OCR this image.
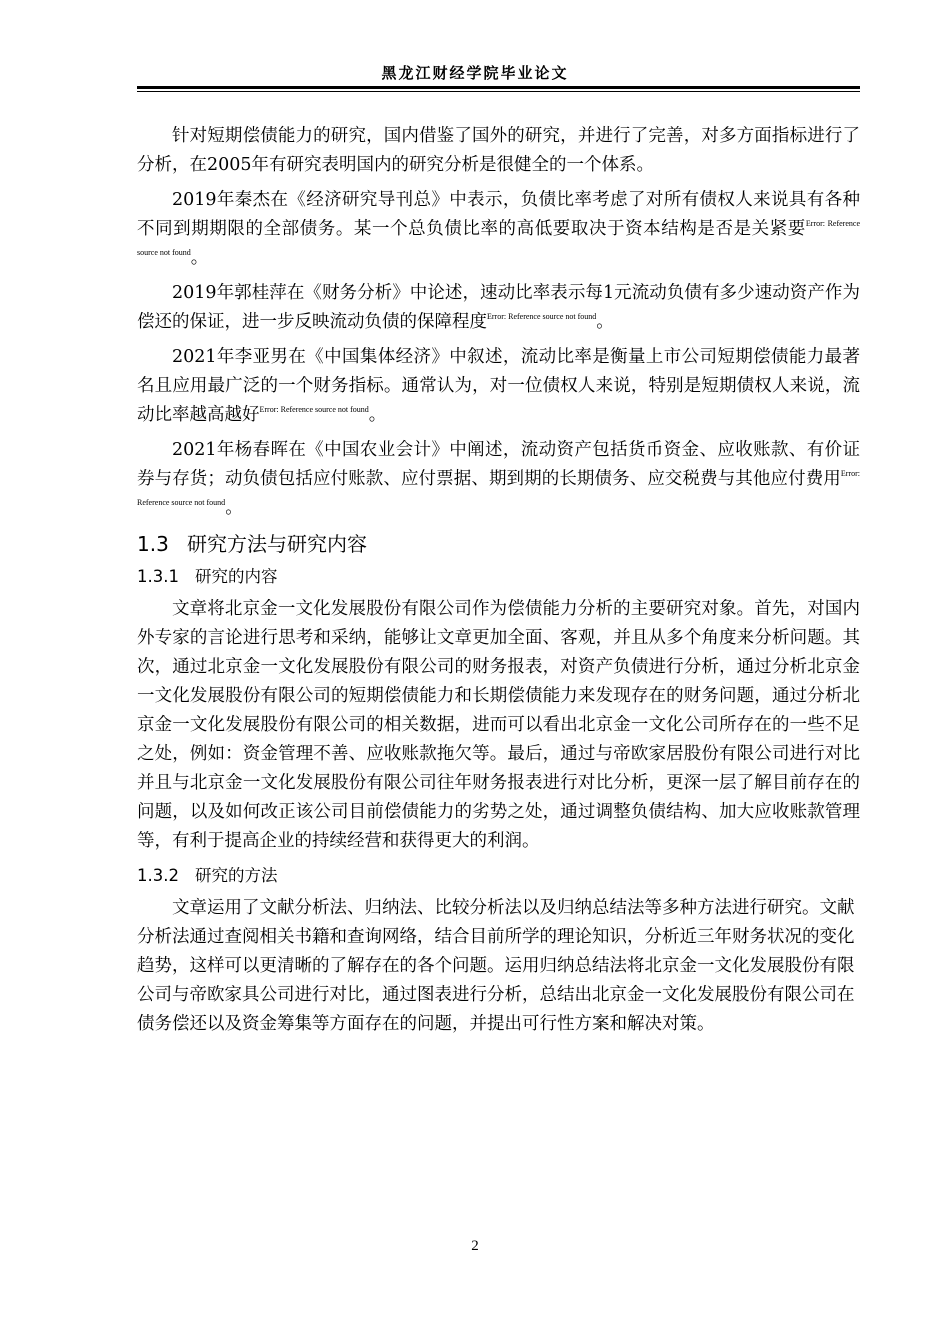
黑龙江财经学院毕业论文

针对短期偿债能力的研究，国内借鉴了国外的研究，并进行了完善，对多方面指标进行了分析，在2005年有研究表明国内的研究分析是很健全的一个体系。

2019年秦杰在《经济研究导刊总》中表示，负债比率考虑了对所有债权人来说具有各种不同到期期限的全部债务。某一个总负债比率的高低要取决于资本结构是否是关紧要$^{Error: Reference source not found}$。

2019年郭桂萍在《财务分析》中论述，速动比率表示每1元流动负债有多少速动资产作为偿还的保证，进一步反映流动负债的保障程度$^{Error: Reference source not found}$。

2021年李亚男在《中国集体经济》中叙述，流动比率是衡量上市公司短期偿债能力最著名且应用最广泛的一个财务指标。通常认为，对一位债权人来说，特别是短期债权人来说，流动比率越高越好$^{Error: Reference source not found}$。

2021年杨春晖在《中国农业会计》中阐述，流动资产包括货币资金、应收账款、有价证券与存货；动负债包括应付账款、应付票据、期到期的长期债务、应交税费与其他应付费用$^{Error: Reference source not found}$。

1.3 研究方法与研究内容
1.3.1 研究的内容

文章将北京金一文化发展股份有限公司作为偿债能力分析的主要研究对象。首先，对国内外专家的言论进行思考和采纳，能够让文章更加全面、客观，并且从多个角度来分析问题。其次，通过北京金一文化发展股份有限公司的财务报表，对资产负债进行分析，通过分析北京金一文化发展股份有限公司的短期偿债能力和长期偿债能力来发现存在的财务问题，通过分析北京金一文化发展股份有限公司的相关数据，进而可以看出北京金一文化公司所存在的一些不足之处，例如：资金管理不善、应收账款拖欠等。最后，通过与帝欧家居股份有限公司进行对比并且与北京金一文化发展股份有限公司往年财务报表进行对比分析，更深一层了解目前存在的问题，以及如何改正该公司目前偿债能力的劣势之处，通过调整负债结构、加大应收账款管理等，有利于提高企业的持续经营和获得更大的利润。

1.3.2 研究的方法

文章运用了文献分析法、归纳法、比较分析法以及归纳总结法等多种方法进行研究。文献分析法通过查阅相关书籍和查询网络，结合目前所学的理论知识，分析近三年财务状况的变化趋势，这样可以更清晰的了解存在的各个问题。运用归纳总结法将北京金一文化发展股份有限公司与帝欧家具公司进行对比，通过图表进行分析，总结出北京金一文化发展股份有限公司在债务偿还以及资金筹集等方面存在的问题，并提出可行性方案和解决对策。

2
